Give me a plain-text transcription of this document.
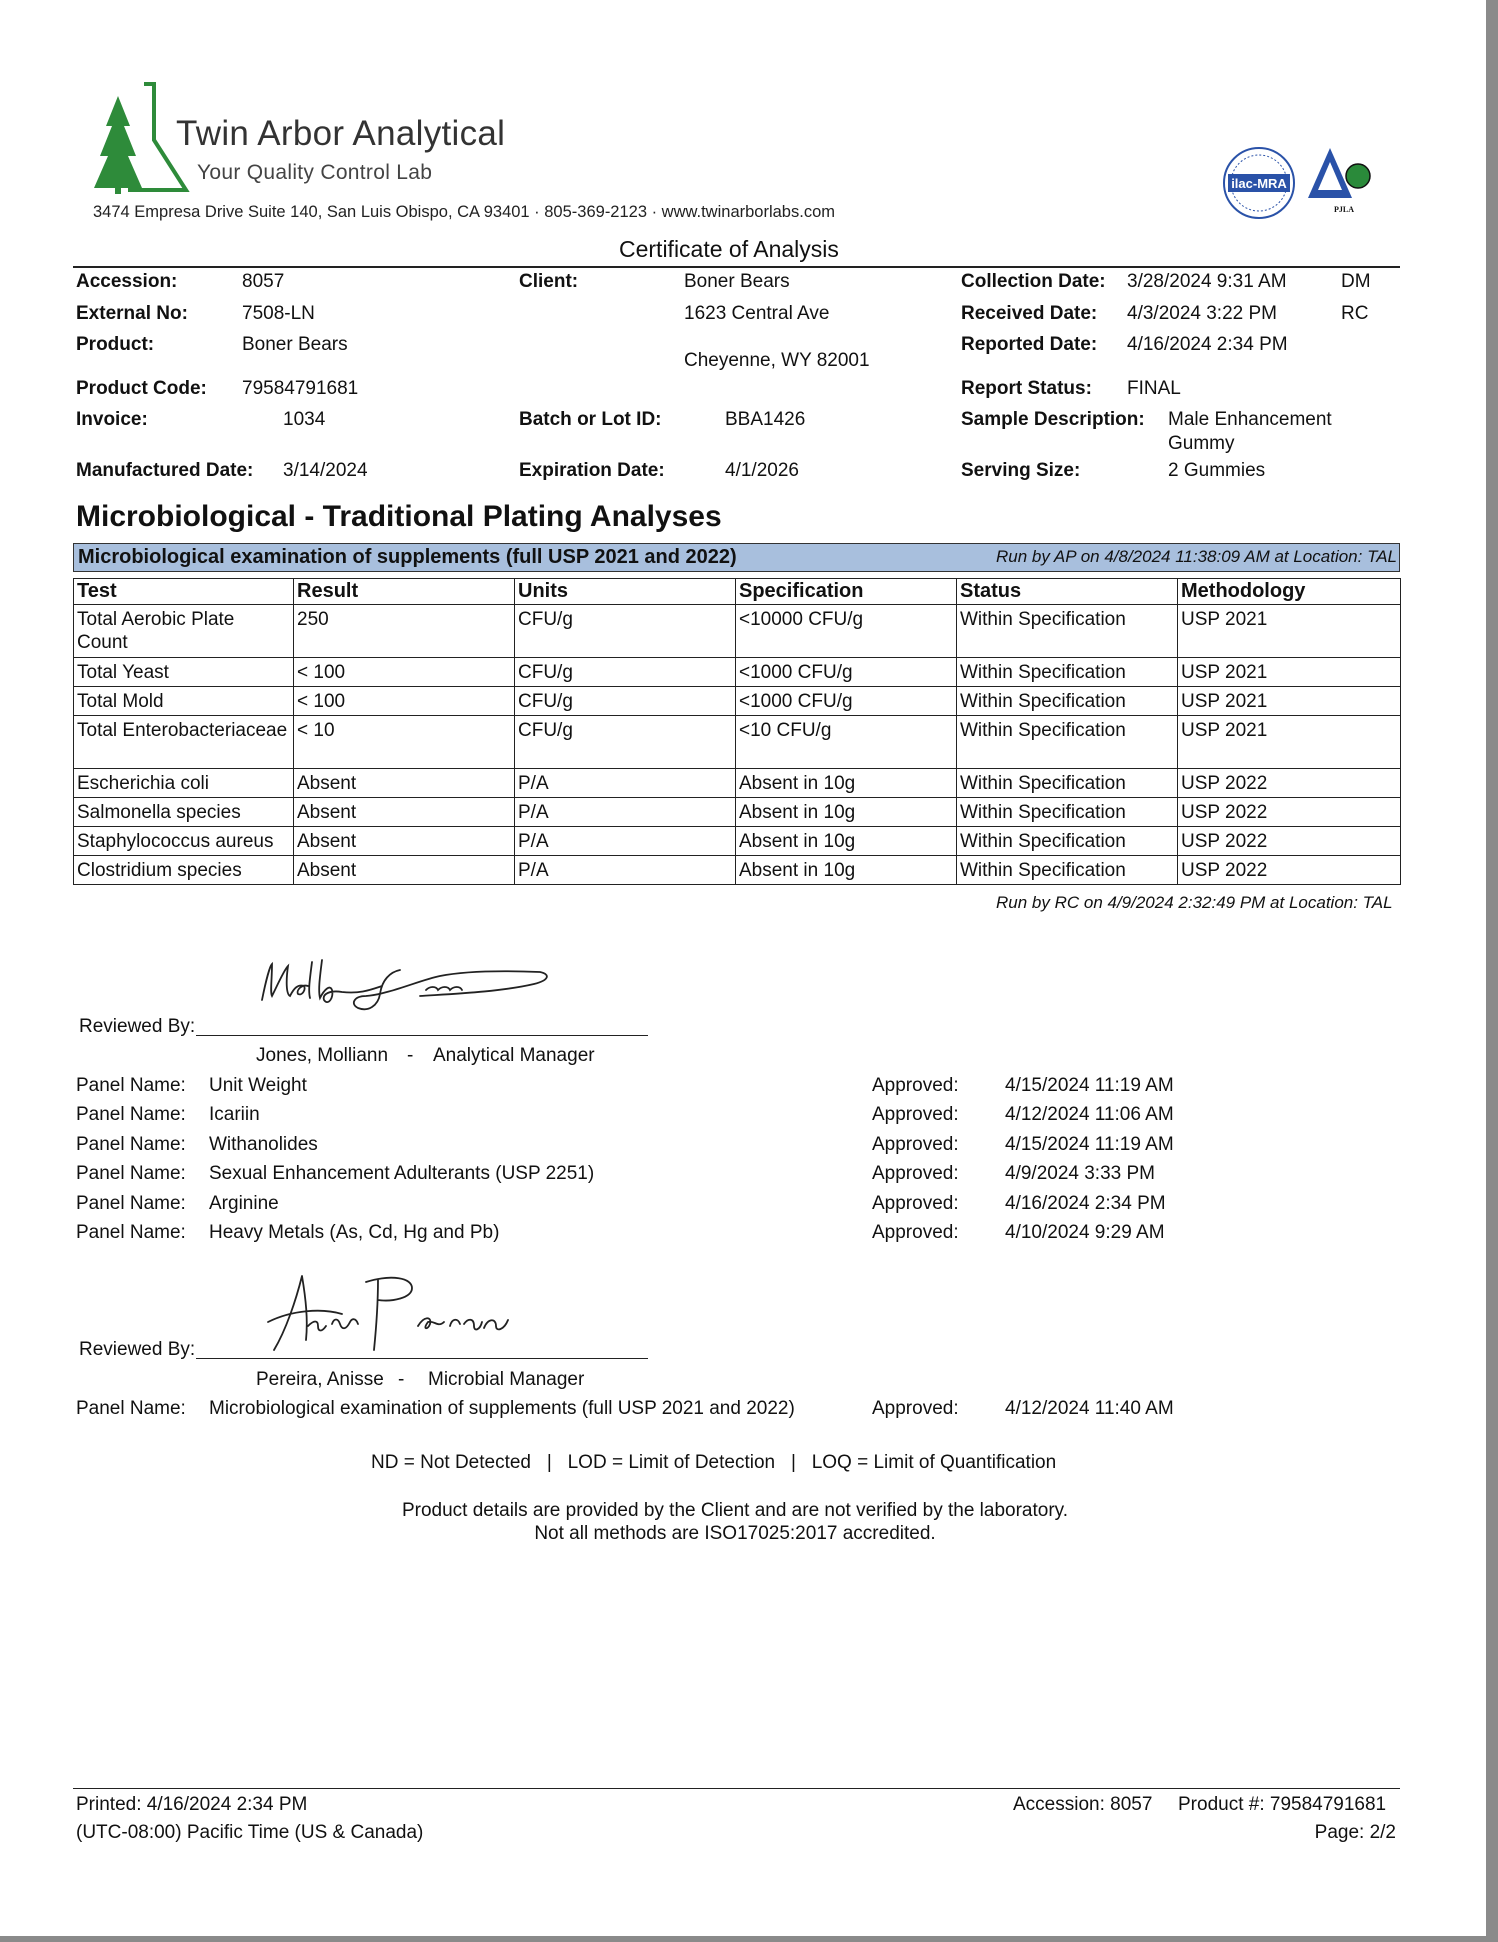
Twin Arbor Analytical
Your Quality Control Lab
3474 Empresa Drive Suite 140, San Luis Obispo, CA 93401 · 805-369-2123 · www.twinarborlabs.com
ilac-MRA
PJLA
Certificate of Analysis
Accession:	8057
External No:	7508-LN
Product:	Boner Bears
Product Code: 79584791681
Invoice:	1034
Manufactured Date: 3/14/2024
Client:	Boner Bears
1623 Central Ave
Cheyenne, WY 82001
Batch or Lot ID:	BBA1426
Expiration Date:	4/1/2026
Collection Date: 3/28/2024 9:31 AM	DM
Received Date: 4/3/2024 3:22 PM	RC
Reported Date: 4/16/2024 2:34 PM
Report Status: FINAL
Sample Description: Male Enhancement
Gummy
Serving Size:	2 Gummies
Microbiological - Traditional Plating Analyses
Microbiological examination of supplements (full USP 2021 and 2022)	Run by AP on 4/8/2024 11:38:09 AM at Location: TAL
Test	Result	Units	Specification	Status	Methodology
Total Aerobic Plate Count	250	CFU/g	<10000 CFU/g	Within Specification	USP 2021
Total Yeast	< 100	CFU/g	<1000 CFU/g	Within Specification	USP 2021
Total Mold	< 100	CFU/g	<1000 CFU/g	Within Specification	USP 2021
Total Enterobacteriaceae	< 10	CFU/g	<10 CFU/g	Within Specification	USP 2021
Escherichia coli	Absent	P/A	Absent in 10g	Within Specification	USP 2022
Salmonella species	Absent	P/A	Absent in 10g	Within Specification	USP 2022
Staphylococcus aureus	Absent	P/A	Absent in 10g	Within Specification	USP 2022
Clostridium species	Absent	P/A	Absent in 10g	Within Specification	USP 2022
Run by RC on 4/9/2024 2:32:49 PM at Location: TAL
Reviewed By:
Jones, Molliann - Analytical Manager
Panel Name: Unit Weight	Approved: 4/15/2024 11:19 AM
Panel Name: Icariin	Approved: 4/12/2024 11:06 AM
Panel Name: Withanolides	Approved: 4/15/2024 11:19 AM
Panel Name: Sexual Enhancement Adulterants (USP 2251)	Approved: 4/9/2024 3:33 PM
Panel Name: Arginine	Approved: 4/16/2024 2:34 PM
Panel Name: Heavy Metals (As, Cd, Hg and Pb)	Approved: 4/10/2024 9:29 AM
Reviewed By:
Pereira, Anisse - Microbial Manager
Panel Name: Microbiological examination of supplements (full USP 2021 and 2022)	Approved: 4/12/2024 11:40 AM
ND = Not Detected   |   LOD = Limit of Detection   |   LOQ = Limit of Quantification
Product details are provided by the Client and are not verified by the laboratory.
Not all methods are ISO17025:2017 accredited.
Printed: 4/16/2024 2:34 PM
(UTC-08:00) Pacific Time (US & Canada)
Accession: 8057 Product #: 79584791681
Page: 2/2
